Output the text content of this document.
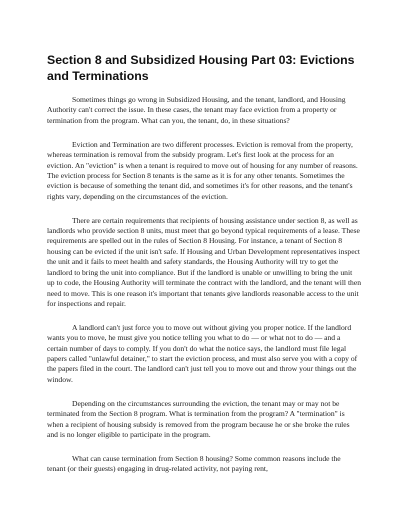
Section 8 and Subsidized Housing Part 03: Evictions and Terminations

Sometimes things go wrong in Subsidized Housing, and the tenant, landlord, and Housing Authority can't correct the issue. In these cases, the tenant may face eviction from a property or termination from the program. What can you, the tenant, do, in these situations?

Eviction and Termination are two different processes. Eviction is removal from the property, whereas termination is removal from the subsidy program. Let's first look at the process for an eviction. An "eviction" is when a tenant is required to move out of housing for any number of reasons. The eviction process for Section 8 tenants is the same as it is for any other tenants. Sometimes the eviction is because of something the tenant did, and sometimes it's for other reasons, and the tenant's rights vary, depending on the circumstances of the eviction.

There are certain requirements that recipients of housing assistance under section 8, as well as landlords who provide section 8 units, must meet that go beyond typical requirements of a lease. These requirements are spelled out in the rules of Section 8 Housing. For instance, a tenant of Section 8 housing can be evicted if the unit isn't safe. If Housing and Urban Development representatives inspect the unit and it fails to meet health and safety standards, the Housing Authority will try to get the landlord to bring the unit into compliance. But if the landlord is unable or unwilling to bring the unit up to code, the Housing Authority will terminate the contract with the landlord, and the tenant will then need to move. This is one reason it's important that tenants give landlords reasonable access to the unit for inspections and repair.

A landlord can't just force you to move out without giving you proper notice. If the landlord wants you to move, he must give you notice telling you what to do — or what not to do — and a certain number of days to comply. If you don't do what the notice says, the landlord must file legal papers called "unlawful detainer," to start the eviction process, and must also serve you with a copy of the papers filed in the court. The landlord can't just tell you to move out and throw your things out the window.

Depending on the circumstances surrounding the eviction, the tenant may or may not be terminated from the Section 8 program. What is termination from the program? A "termination" is when a recipient of housing subsidy is removed from the program because he or she broke the rules and is no longer eligible to participate in the program.

What can cause termination from Section 8 housing? Some common reasons include the tenant (or their guests) engaging in drug-related activity, not paying rent,
